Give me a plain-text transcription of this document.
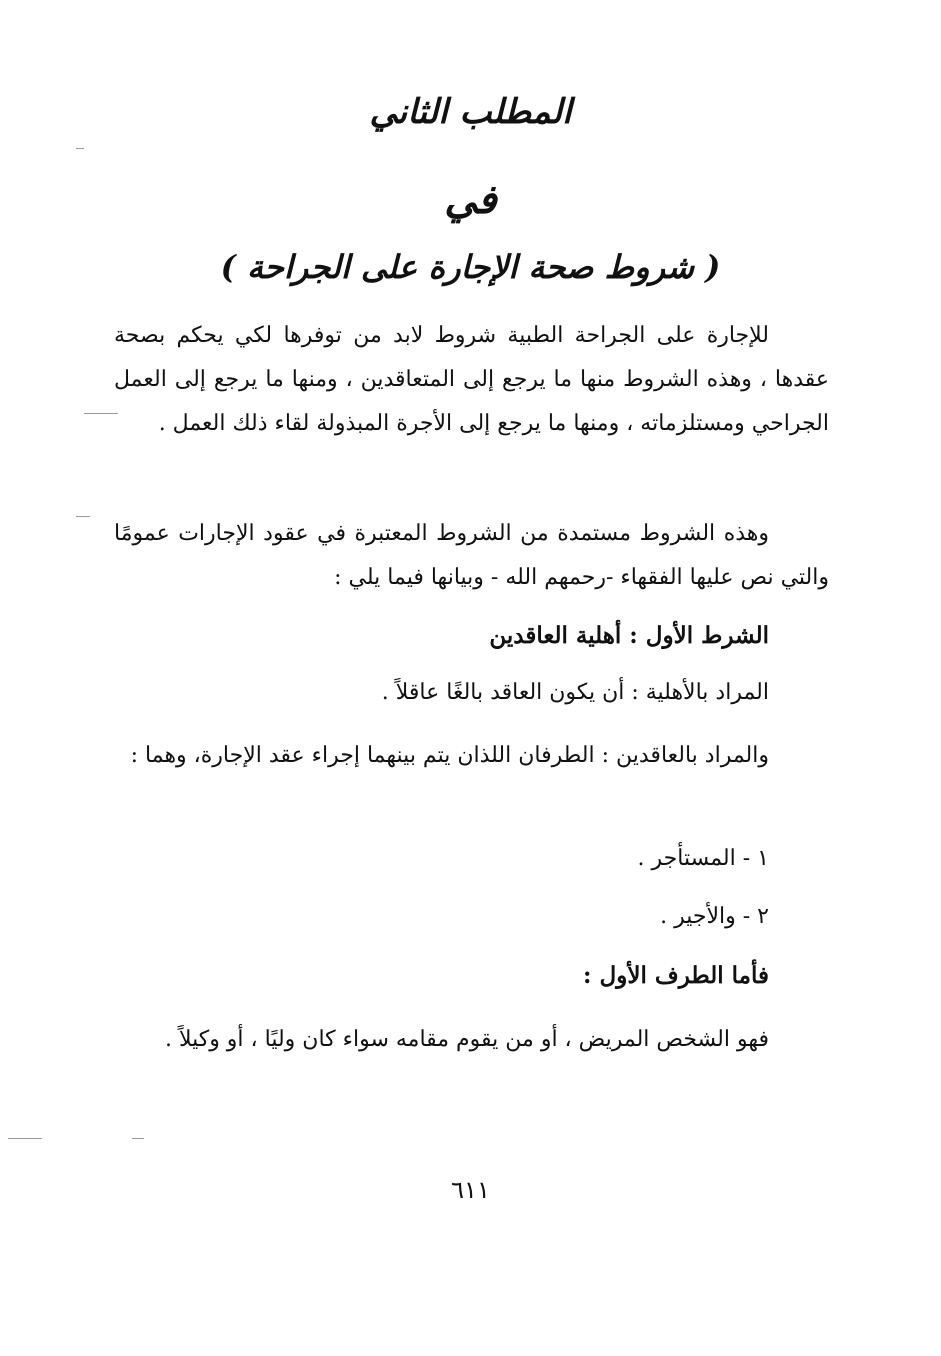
المطلب الثاني
في
( شروط صحة الإجارة على الجراحة )

للإجارة على الجراحة الطبية شروط لابد من توفرها لكي يحكم بصحة عقدها ، وهذه الشروط منها ما يرجع إلى المتعاقدين ، ومنها ما يرجع إلى العمل الجراحي ومستلزماته ، ومنها ما يرجع إلى الأجرة المبذولة لقاء ذلك العمل .

وهذه الشروط مستمدة من الشروط المعتبرة في عقود الإجارات عمومًا والتي نص عليها الفقهاء -رحمهم الله - وبيانها فيما يلي :

الشرط الأول : أهلية العاقدين
المراد بالأهلية : أن يكون العاقد بالغًا عاقلاً .

والمراد بالعاقدين : الطرفان اللذان يتم بينهما إجراء عقد الإجارة، وهما :

١ - المستأجر .
٢ - والأجير .
فأما الطرف الأول :

فهو الشخص المريض ، أو من يقوم مقامه سواء كان وليًا ، أو وكيلاً .

٦١١
